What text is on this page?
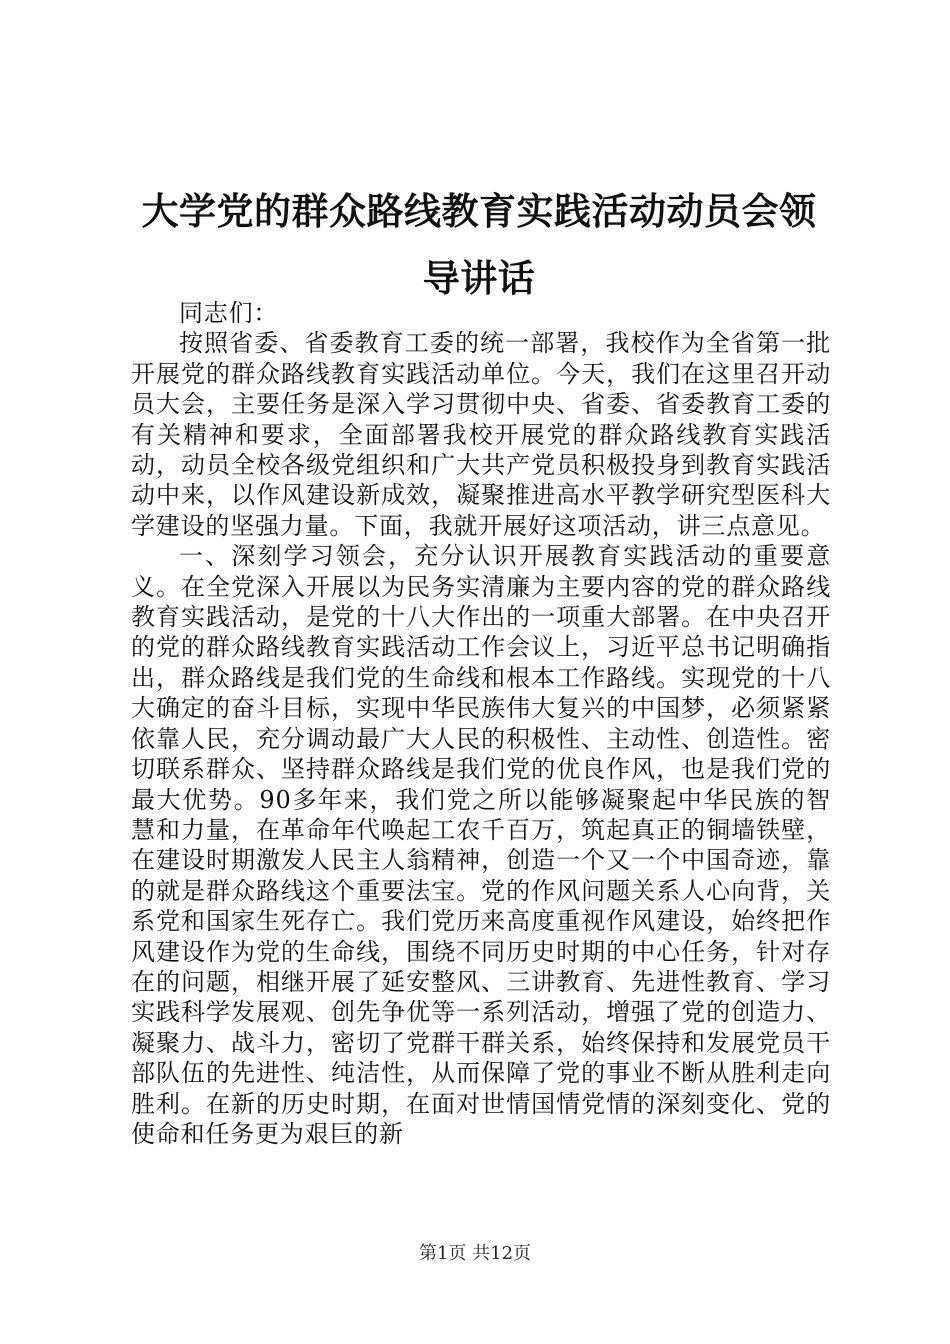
大学党的群众路线教育实践活动动员会领导讲话

同志们：

按照省委、省委教育工委的统一部署，我校作为全省第一批开展党的群众路线教育实践活动单位。今天，我们在这里召开动员大会，主要任务是深入学习贯彻中央、省委、省委教育工委的有关精神和要求，全面部署我校开展党的群众路线教育实践活动，动员全校各级党组织和广大共产党员积极投身到教育实践活动中来，以作风建设新成效，凝聚推进高水平教学研究型医科大学建设的坚强力量。下面，我就开展好这项活动，讲三点意见。

一、深刻学习领会，充分认识开展教育实践活动的重要意义。在全党深入开展以为民务实清廉为主要内容的党的群众路线教育实践活动，是党的十八大作出的一项重大部署。在中央召开的党的群众路线教育实践活动工作会议上，习近平总书记明确指出，群众路线是我们党的生命线和根本工作路线。实现党的十八大确定的奋斗目标，实现中华民族伟大复兴的中国梦，必须紧紧依靠人民，充分调动最广大人民的积极性、主动性、创造性。密切联系群众、坚持群众路线是我们党的优良作风，也是我们党的最大优势。90多年来，我们党之所以能够凝聚起中华民族的智慧和力量，在革命年代唤起工农千百万，筑起真正的铜墙铁壁，在建设时期激发人民主人翁精神，创造一个又一个中国奇迹，靠的就是群众路线这个重要法宝。党的作风问题关系人心向背，关系党和国家生死存亡。我们党历来高度重视作风建设，始终把作风建设作为党的生命线，围绕不同历史时期的中心任务，针对存在的问题，相继开展了延安整风、三讲教育、先进性教育、学习实践科学发展观、创先争优等一系列活动，增强了党的创造力、凝聚力、战斗力，密切了党群干群关系，始终保持和发展党员干部队伍的先进性、纯洁性，从而保障了党的事业不断从胜利走向胜利。在新的历史时期，在面对世情国情党情的深刻变化、党的使命和任务更为艰巨的新

第1页 共12页
